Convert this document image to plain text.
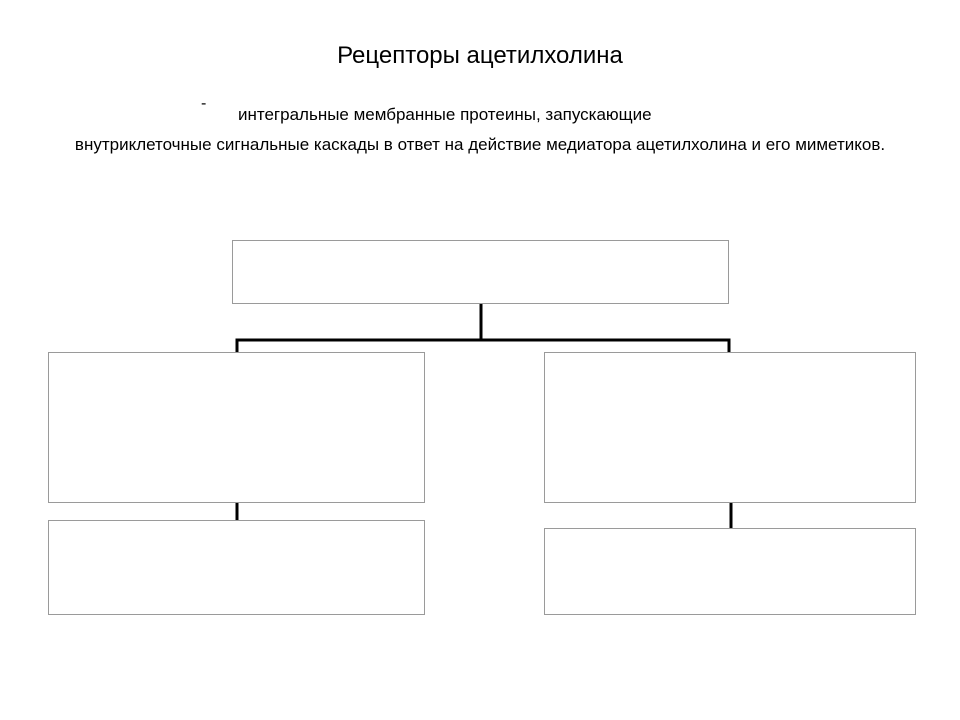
Рецепторы ацетилхолина
-
интегральные мембранные протеины, запускающие
внутриклеточные сигнальные каскады в ответ на действие медиатора ацетилхолина и его миметиков.
